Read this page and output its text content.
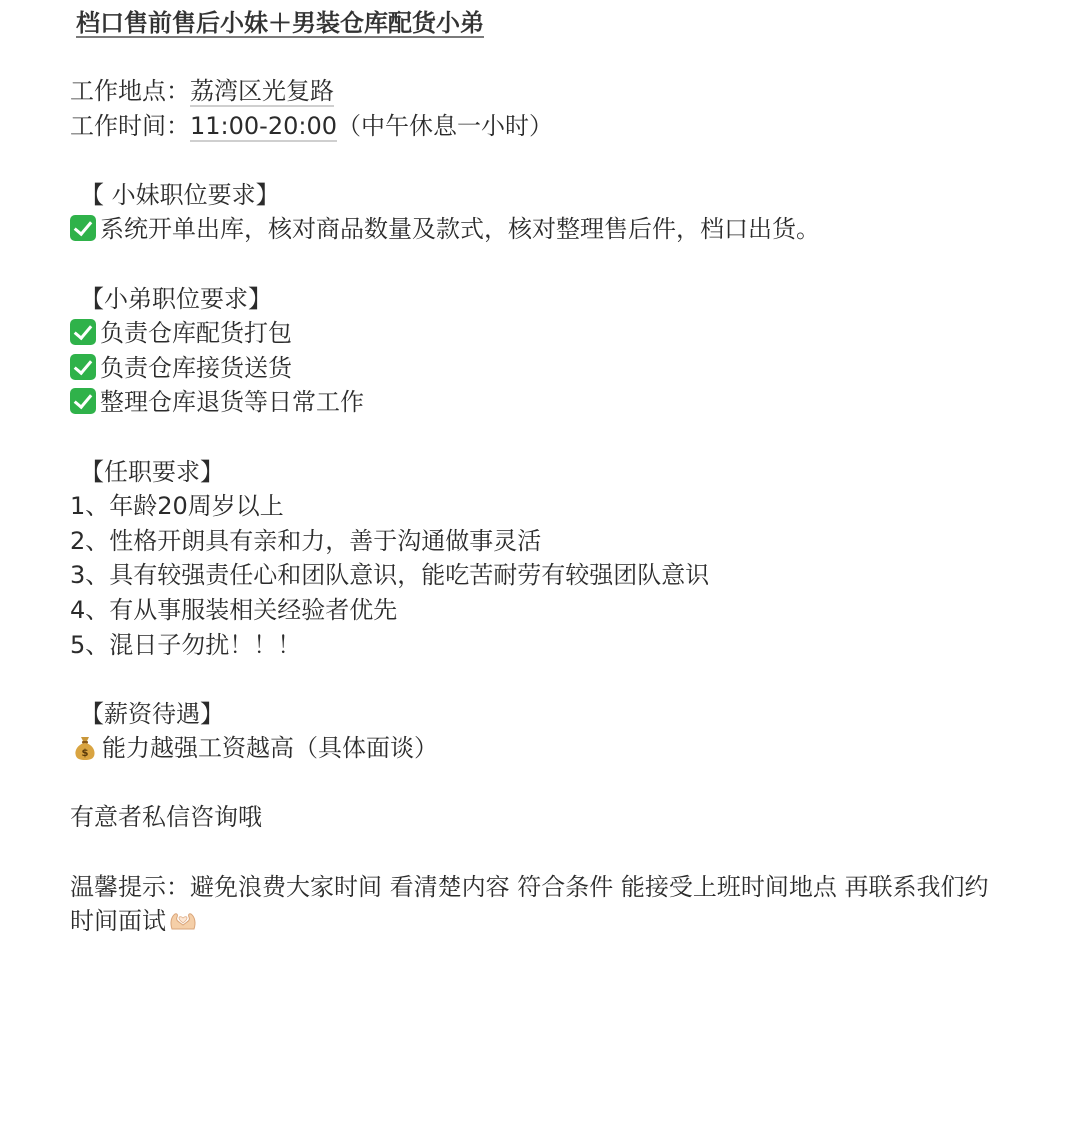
档口售前售后小妹＋男装仓库配货小弟
工作地点：荔湾区光复路
工作时间：11:00-20:00（中午休息一小时）
【 小妹职位要求】
系统开单出库，核对商品数量及款式，核对整理售后件，档口出货。
【小弟职位要求】
负责仓库配货打包
负责仓库接货送货
整理仓库退货等日常工作
【任职要求】
1、年龄20周岁以上
2、性格开朗具有亲和力，善于沟通做事灵活
3、具有较强责任心和团队意识，能吃苦耐劳有较强团队意识
4、有从事服装相关经验者优先
5、混日子勿扰！！！
【薪资待遇】
$ 能力越强工资越高（具体面谈）
有意者私信咨询哦
温馨提示：避免浪费大家时间 看清楚内容 符合条件 能接受上班时间地点 再联系我们约时间面试
